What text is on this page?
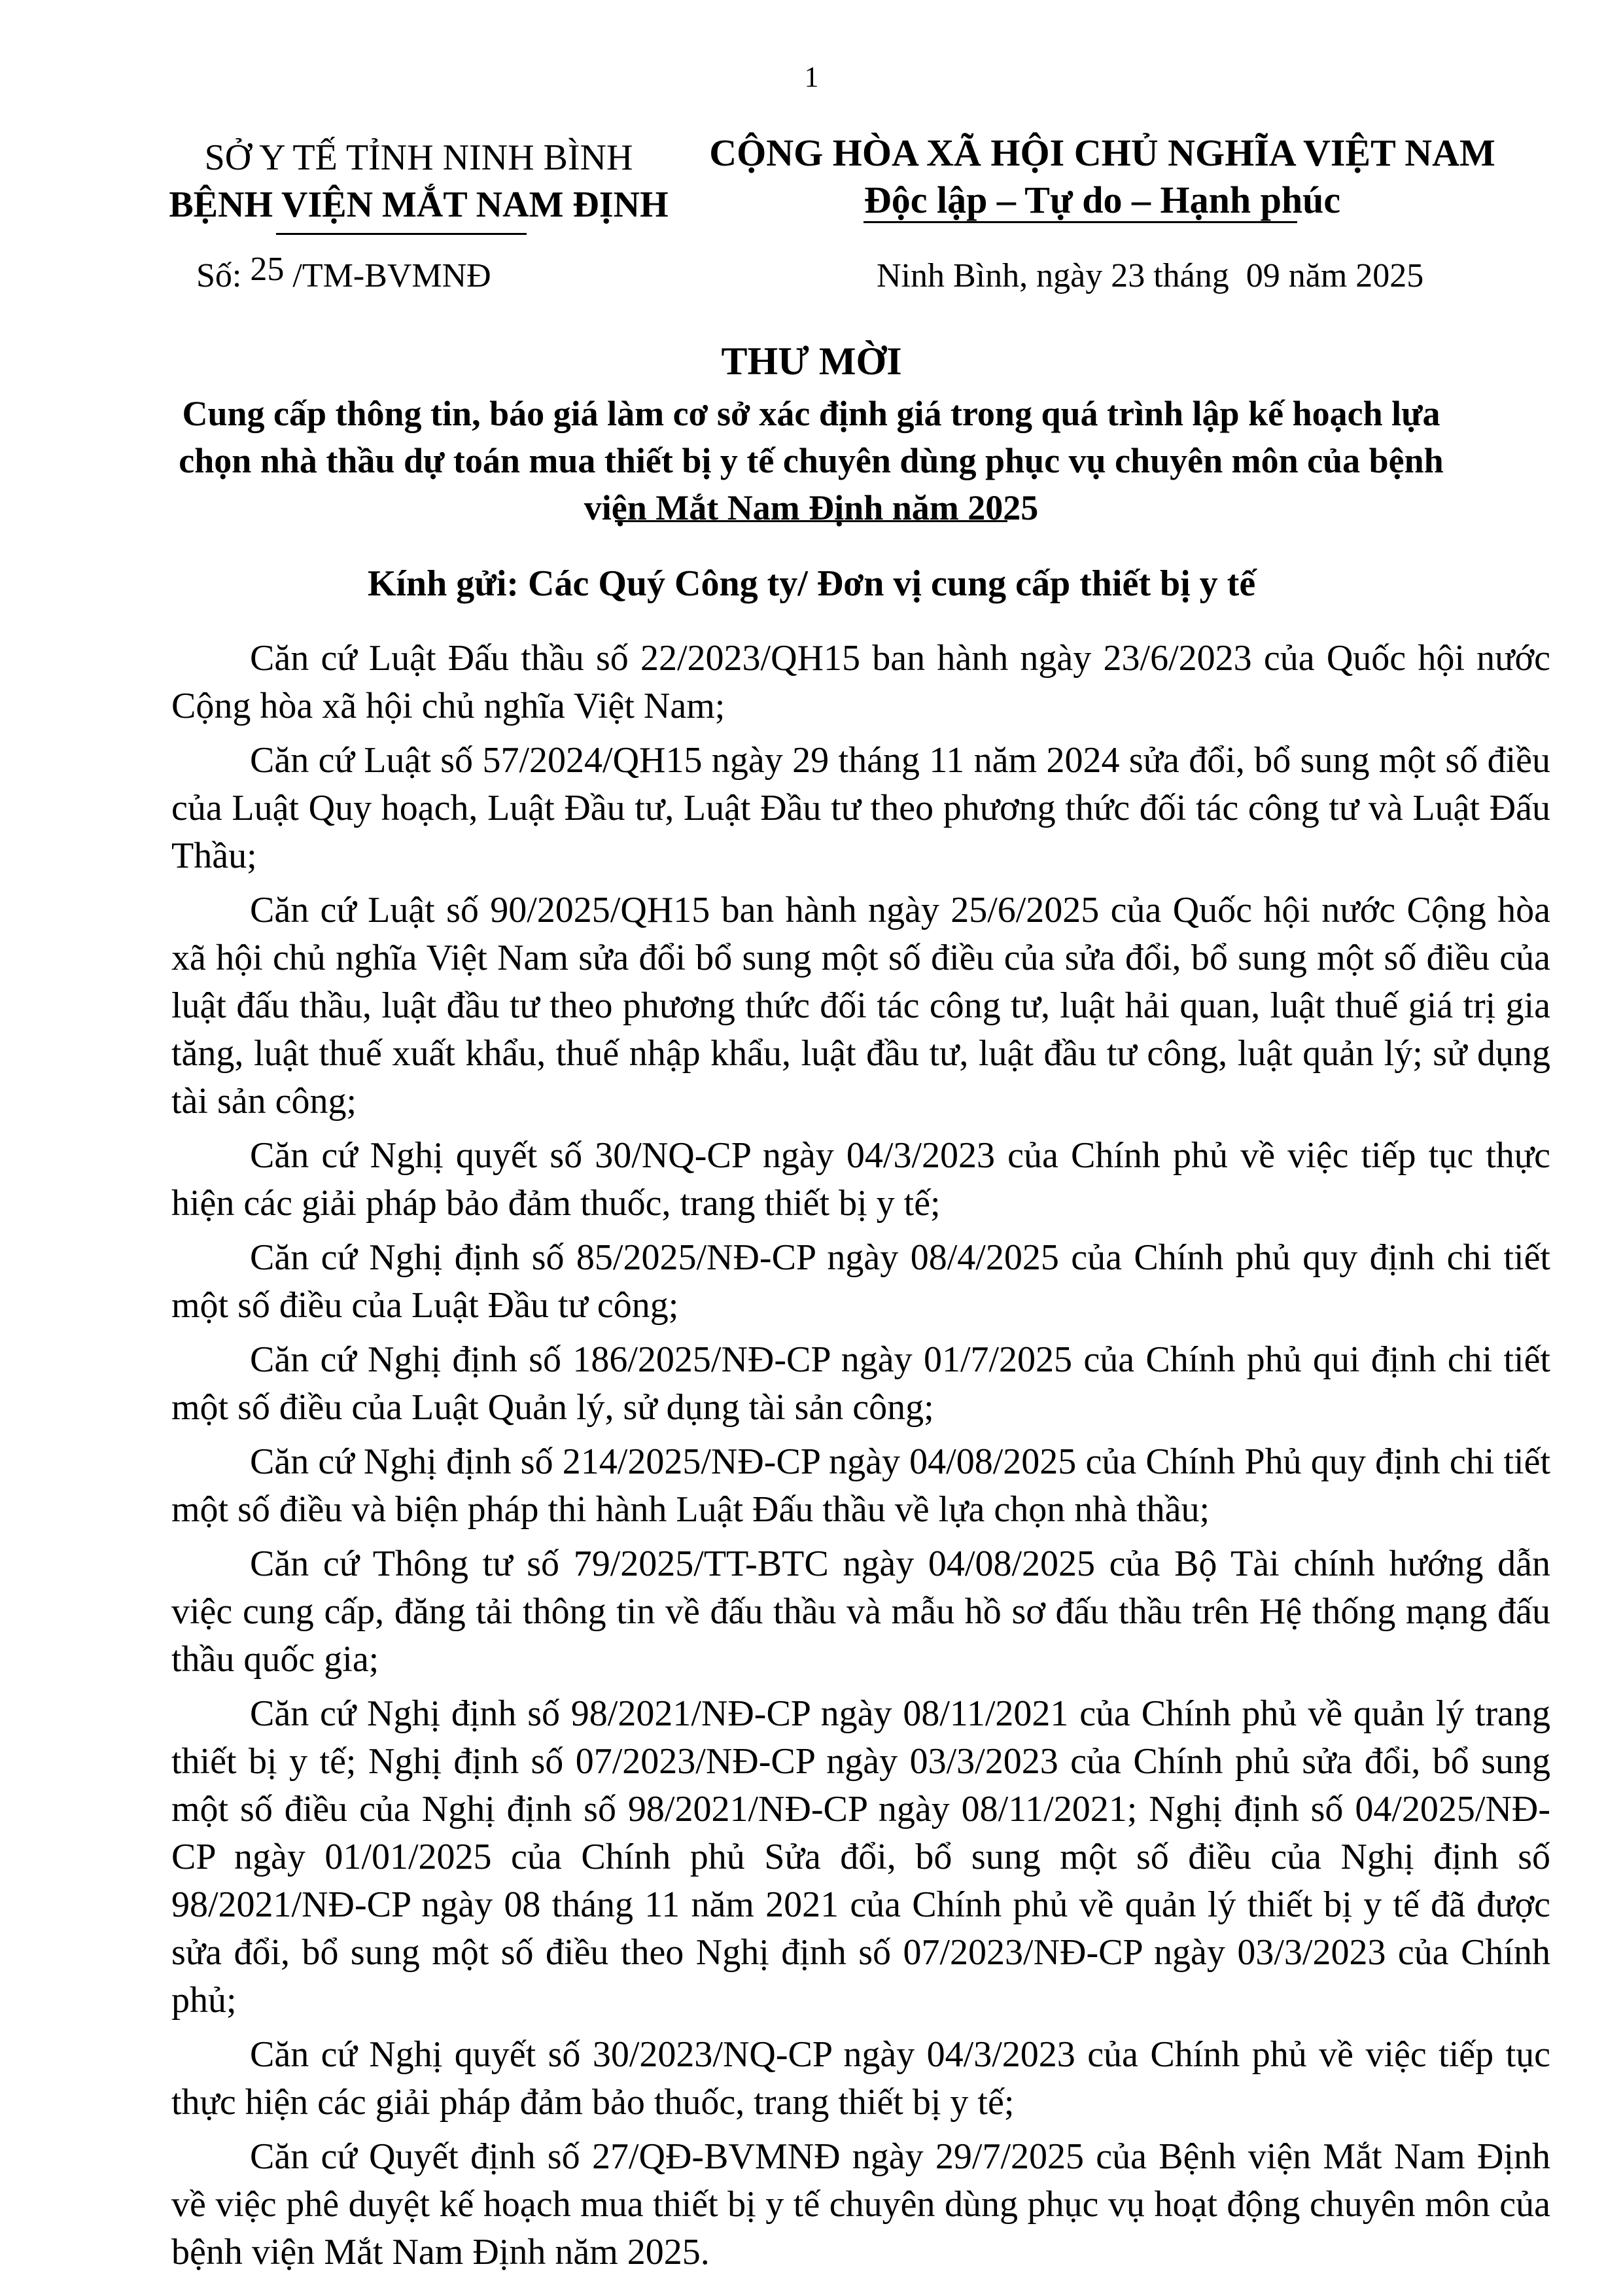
1
SỞ Y TẾ TỈNH NINH BÌNH
BỆNH VIỆN MẮT NAM ĐỊNH
CỘNG HÒA XÃ HỘI CHỦ NGHĨA VIỆT NAM
Độc lập – Tự do – Hạnh phúc
Số: 25 /TM-BVMNĐ	Ninh Bình, ngày 23 tháng  09 năm 2025
THƯ MỜI
Cung cấp thông tin, báo giá làm cơ sở xác định giá trong quá trình lập kế hoạch lựa chọn nhà thầu dự toán mua thiết bị y tế chuyên dùng phục vụ chuyên môn của bệnh viện Mắt Nam Định năm 2025
Kính gửi: Các Quý Công ty/ Đơn vị cung cấp thiết bị y tế

Căn cứ Luật Đấu thầu số 22/2023/QH15 ban hành ngày 23/6/2023 của Quốc hội nước Cộng hòa xã hội chủ nghĩa Việt Nam;

Căn cứ Luật số 57/2024/QH15 ngày 29 tháng 11 năm 2024 sửa đổi, bổ sung một số điều của Luật Quy hoạch, Luật Đầu tư, Luật Đầu tư theo phương thức đối tác công tư và Luật Đấu Thầu;

Căn cứ Luật số 90/2025/QH15 ban hành ngày 25/6/2025 của Quốc hội nước Cộng hòa xã hội chủ nghĩa Việt Nam sửa đổi bổ sung một số điều của sửa đổi, bổ sung một số điều của luật đấu thầu, luật đầu tư theo phương thức đối tác công tư, luật hải quan, luật thuế giá trị gia tăng, luật thuế xuất khẩu, thuế nhập khẩu, luật đầu tư, luật đầu tư công, luật quản lý; sử dụng tài sản công;

Căn cứ Nghị quyết số 30/NQ-CP ngày 04/3/2023 của Chính phủ về việc tiếp tục thực hiện các giải pháp bảo đảm thuốc, trang thiết bị y tế;

Căn cứ Nghị định số 85/2025/NĐ-CP ngày 08/4/2025 của Chính phủ quy định chi tiết một số điều của Luật Đầu tư công;

Căn cứ Nghị định số 186/2025/NĐ-CP ngày 01/7/2025 của Chính phủ qui định chi tiết một số điều của Luật Quản lý, sử dụng tài sản công;

Căn cứ Nghị định số 214/2025/NĐ-CP ngày 04/08/2025 của Chính Phủ quy định chi tiết một số điều và biện pháp thi hành Luật Đấu thầu về lựa chọn nhà thầu;

Căn cứ Thông tư số 79/2025/TT-BTC ngày 04/08/2025 của Bộ Tài chính hướng dẫn việc cung cấp, đăng tải thông tin về đấu thầu và mẫu hồ sơ đấu thầu trên Hệ thống mạng đấu thầu quốc gia;

Căn cứ Nghị định số 98/2021/NĐ-CP ngày 08/11/2021 của Chính phủ về quản lý trang thiết bị y tế; Nghị định số 07/2023/NĐ-CP ngày 03/3/2023 của Chính phủ sửa đổi, bổ sung một số điều của Nghị định số 98/2021/NĐ-CP ngày 08/11/2021; Nghị định số 04/2025/NĐ-CP ngày 01/01/2025 của Chính phủ Sửa đổi, bổ sung một số điều của Nghị định số 98/2021/NĐ-CP ngày 08 tháng 11 năm 2021 của Chính phủ về quản lý thiết bị y tế đã được sửa đổi, bổ sung một số điều theo Nghị định số 07/2023/NĐ-CP ngày 03/3/2023 của Chính phủ;

Căn cứ Nghị quyết số 30/2023/NQ-CP ngày 04/3/2023 của Chính phủ về việc tiếp tục thực hiện các giải pháp đảm bảo thuốc, trang thiết bị y tế;

Căn cứ Quyết định số 27/QĐ-BVMNĐ ngày 29/7/2025 của Bệnh viện Mắt Nam Định về việc phê duyệt kế hoạch mua thiết bị y tế chuyên dùng phục vụ hoạt động chuyên môn của bệnh viện Mắt Nam Định năm 2025.
